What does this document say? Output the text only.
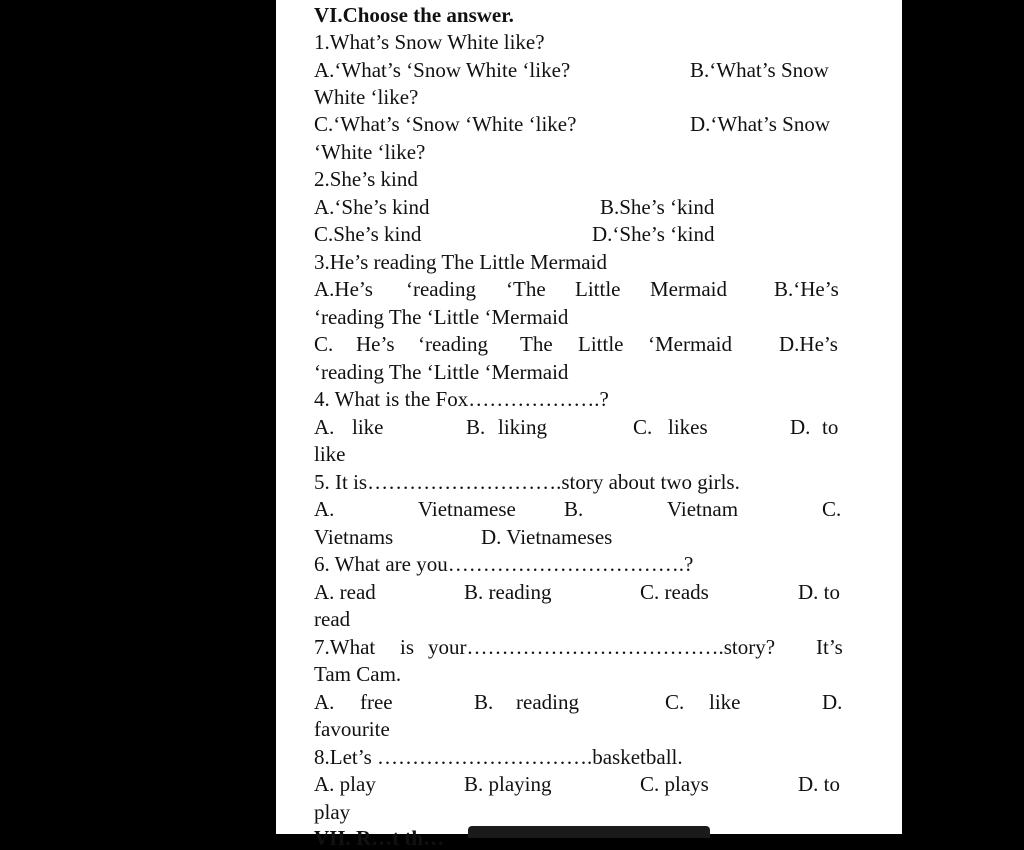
VI.Choose the answer.
1.What’s Snow White like?
A.‘What’s ‘Snow White ‘like?	B.‘What’s Snow
White ‘like?
C.‘What’s ‘Snow ‘White ‘like?	D.‘What’s Snow
‘White ‘like?
2.She’s kind
A.‘She’s kind	B.She’s ‘kind
C.She’s kind	D.‘She’s ‘kind
3.He’s reading The Little Mermaid
A.He’s ‘reading ‘The Little Mermaid B.‘He’s
‘reading The ‘Little ‘Mermaid
C. He’s ‘reading The Little ‘Mermaid D.He’s
‘reading The ‘Little ‘Mermaid
4. What is the Fox……………….?
A. like	B. liking	C. likes	D. to
like
5. It is……………………….story about two girls.
A.	Vietnamese B.	Vietnam	C.
Vietnams	D. Vietnameses
6. What are you…………………………….?
A. read	B. reading	C. reads	D. to
read
7.What is your……………………………….story? It’s
Tam Cam.
A. free	B. reading	C. like	D.
favourite
8.Let’s ………………………….basketball.
A. play	B. playing	C. plays	D. to
play
VII. R…t th…
